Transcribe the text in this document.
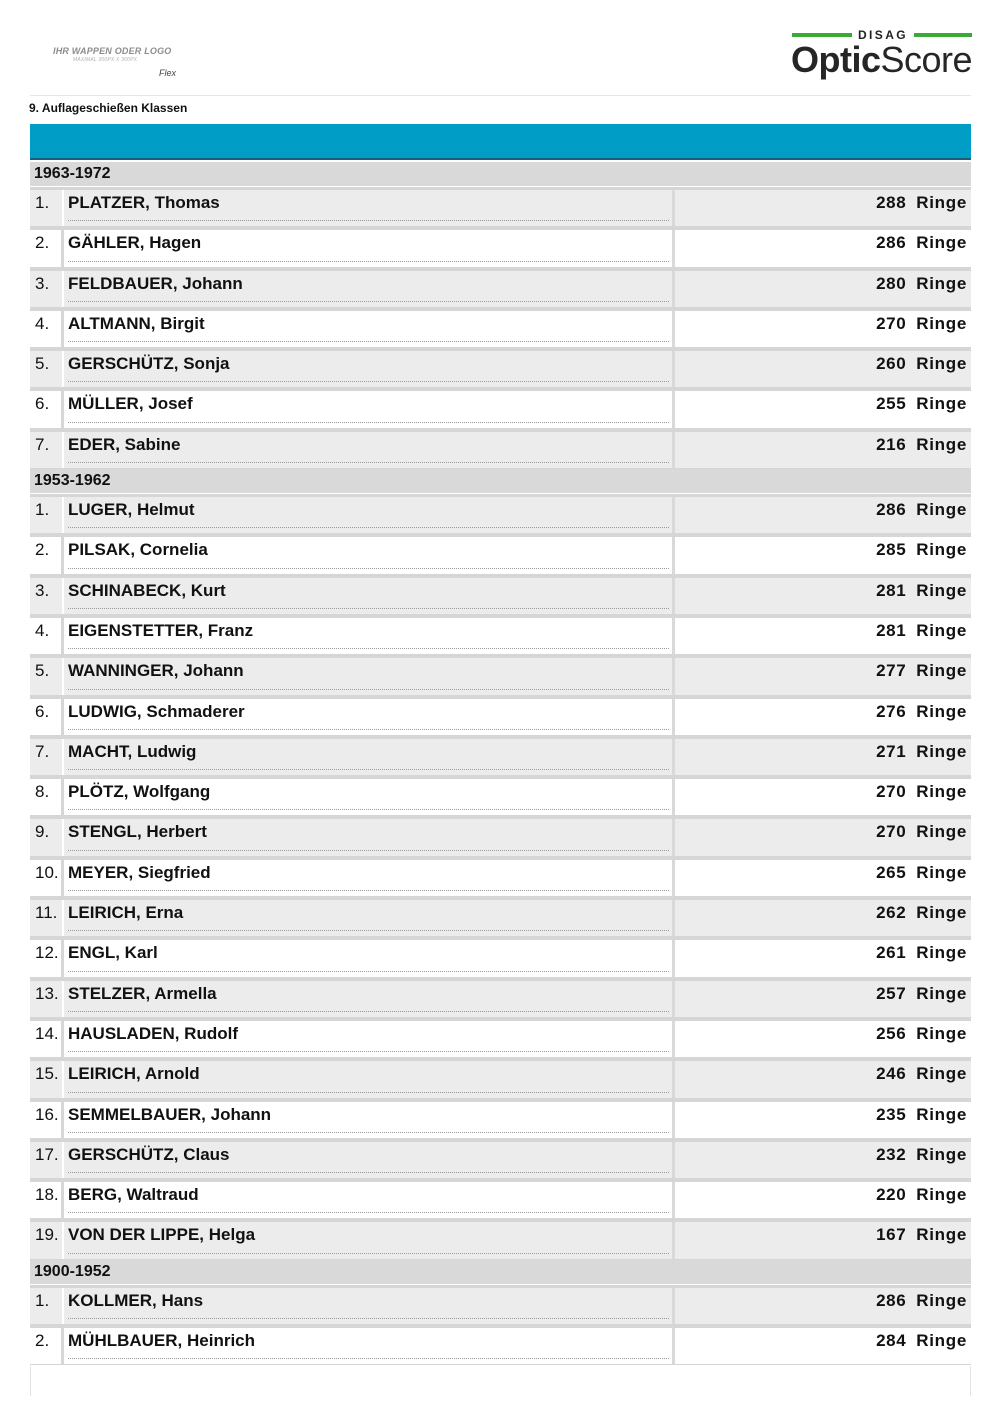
IHR WAPPEN ODER LOGO
MAXIMAL 300PX X 300PX
Flex
DISAG
OpticScore
9. Auflageschießen Klassen
1963-1972
1.	PLATZER, Thomas	288 Ringe
2.	GÄHLER, Hagen	286 Ringe
3.	FELDBAUER, Johann	280 Ringe
4.	ALTMANN, Birgit	270 Ringe
5.	GERSCHÜTZ, Sonja	260 Ringe
6.	MÜLLER, Josef	255 Ringe
7.	EDER, Sabine	216 Ringe
1953-1962
1.	LUGER, Helmut	286 Ringe
2.	PILSAK, Cornelia	285 Ringe
3.	SCHINABECK, Kurt	281 Ringe
4.	EIGENSTETTER, Franz	281 Ringe
5.	WANNINGER, Johann	277 Ringe
6.	LUDWIG, Schmaderer	276 Ringe
7.	MACHT, Ludwig	271 Ringe
8.	PLÖTZ, Wolfgang	270 Ringe
9.	STENGL, Herbert	270 Ringe
10. MEYER, Siegfried	265 Ringe
11. LEIRICH, Erna	262 Ringe
12. ENGL, Karl	261 Ringe
13. STELZER, Armella	257 Ringe
14. HAUSLADEN, Rudolf	256 Ringe
15. LEIRICH, Arnold	246 Ringe
16. SEMMELBAUER, Johann	235 Ringe
17. GERSCHÜTZ, Claus	232 Ringe
18. BERG, Waltraud	220 Ringe
19. VON DER LIPPE, Helga	167 Ringe
1900-1952
1.	KOLLMER, Hans	286 Ringe
2.	MÜHLBAUER, Heinrich	284 Ringe
